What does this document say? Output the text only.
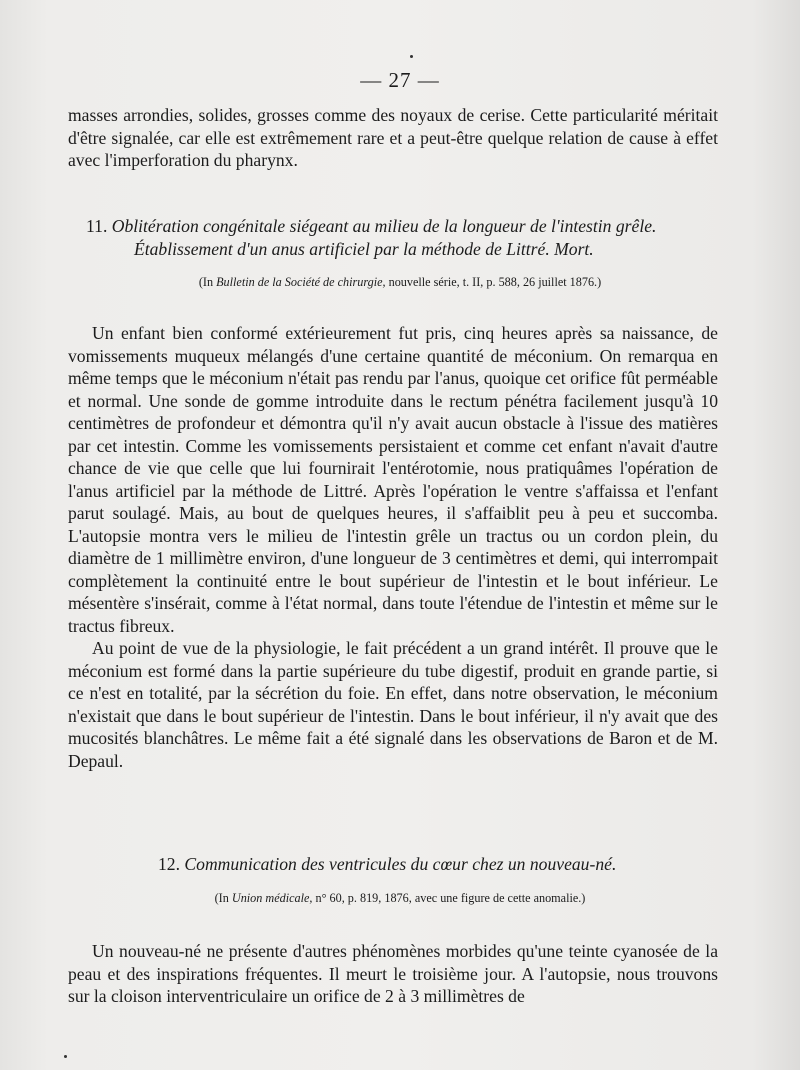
— 27 —

masses arrondies, solides, grosses comme des noyaux de cerise. Cette particularité méritait d'être signalée, car elle est extrêmement rare et a peut-être quelque relation de cause à effet avec l'imperforation du pharynx.

11. Oblitération congénitale siégeant au milieu de la longueur de l'intestin grêle.
Établissement d'un anus artificiel par la méthode de Littré. Mort.
(In Bulletin de la Société de chirurgie, nouvelle série, t. II, p. 588, 26 juillet 1876.)

Un enfant bien conformé extérieurement fut pris, cinq heures après sa naissance, de vomissements muqueux mélangés d'une certaine quantité de méconium. On remarqua en même temps que le méconium n'était pas rendu par l'anus, quoique cet orifice fût perméable et normal. Une sonde de gomme introduite dans le rectum pénétra facilement jusqu'à 10 centimètres de profondeur et démontra qu'il n'y avait aucun obstacle à l'issue des matières par cet intestin. Comme les vomissements persistaient et comme cet enfant n'avait d'autre chance de vie que celle que lui fournirait l'entérotomie, nous pratiquâmes l'opération de l'anus artificiel par la méthode de Littré. Après l'opération le ventre s'affaissa et l'enfant parut soulagé. Mais, au bout de quelques heures, il s'affaiblit peu à peu et succomba. L'autopsie montra vers le milieu de l'intestin grêle un tractus ou un cordon plein, du diamètre de 1 millimètre environ, d'une longueur de 3 centimètres et demi, qui interrompait complètement la continuité entre le bout supérieur de l'intestin et le bout inférieur. Le mésentère s'insérait, comme à l'état normal, dans toute l'étendue de l'intestin et même sur le tractus fibreux.

Au point de vue de la physiologie, le fait précédent a un grand intérêt. Il prouve que le méconium est formé dans la partie supérieure du tube digestif, produit en grande partie, si ce n'est en totalité, par la sécrétion du foie. En effet, dans notre observation, le méconium n'existait que dans le bout supérieur de l'intestin. Dans le bout inférieur, il n'y avait que des mucosités blanchâtres. Le même fait a été signalé dans les observations de Baron et de M. Depaul.

12. Communication des ventricules du cœur chez un nouveau-né.
(In Union médicale, n° 60, p. 819, 1876, avec une figure de cette anomalie.)

Un nouveau-né ne présente d'autres phénomènes morbides qu'une teinte cyanosée de la peau et des inspirations fréquentes. Il meurt le troisième jour. A l'autopsie, nous trouvons sur la cloison interventriculaire un orifice de 2 à 3 millimètres de
